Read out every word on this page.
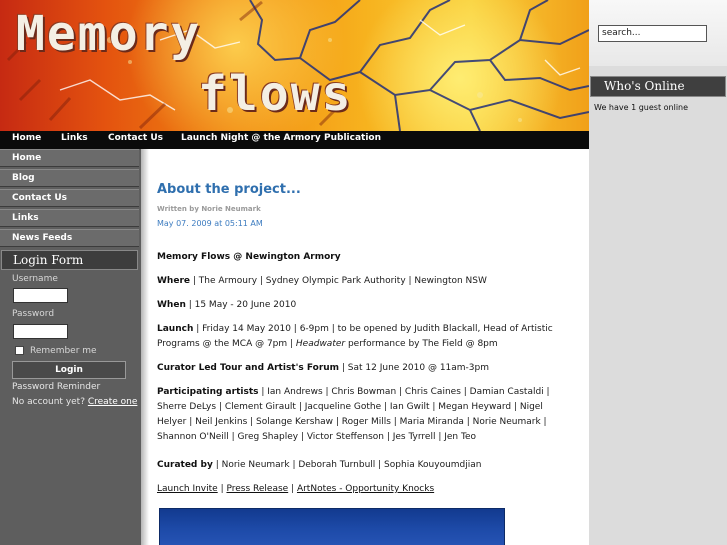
Memory
flows
Home Links Contact Us Launch Night @ the Armory Publication
Home
Blog
Contact Us
Links
News Feeds
Login Form
Username
Password
Remember me
Login
Password Reminder
No account yet? Create one
About the project...
Written by Norie Neumark
May 07. 2009 at 05:11 AM
Memory Flows @ Newington Armory
Where | The Armoury | Sydney Olympic Park Authority | Newington NSW
When | 15 May - 20 June 2010
Launch | Friday 14 May 2010 | 6-9pm | to be opened by Judith Blackall, Head of Artistic Programs @ the MCA @ 7pm | Headwater performance by The Field @ 8pm
Curator Led Tour and Artist's Forum | Sat 12 June 2010 @ 11am-3pm
Participating artists | Ian Andrews | Chris Bowman | Chris Caines | Damian Castaldi | Sherre DeLys | Clement Girault | Jacqueline Gothe | Ian Gwilt | Megan Heyward | Nigel Helyer | Neil Jenkins | Solange Kershaw | Roger Mills | Maria Miranda | Norie Neumark | Shannon O'Neill | Greg Shapley | Victor Steffenson | Jes Tyrrell | Jen Teo
Curated by | Norie Neumark | Deborah Turnbull | Sophia Kouyoumdjian
Launch Invite | Press Release | ArtNotes - Opportunity Knocks
search...
Who's Online
We have 1 guest online
